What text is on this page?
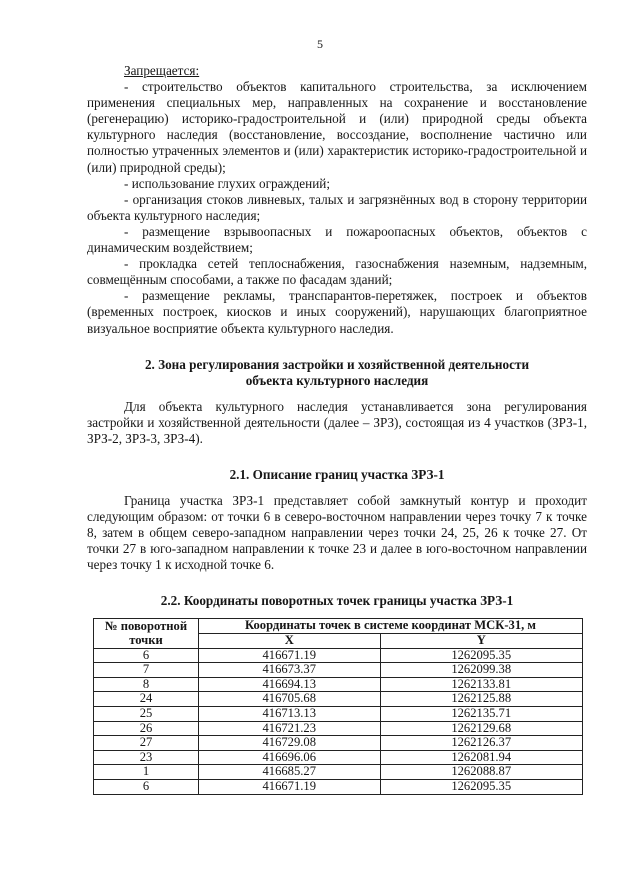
5

Запрещается:

- строительство объектов капитального строительства, за исключением применения специальных мер, направленных на сохранение и восстановление (регенерацию) историко-градостроительной и (или) природной среды объекта культурного наследия (восстановление, воссоздание, восполнение частично или полностью утраченных элементов и (или) характеристик историко-градостроительной и (или) природной среды);

- использование глухих ограждений;

- организация стоков ливневых, талых и загрязнённых вод в сторону территории объекта культурного наследия;

- размещение взрывоопасных и пожароопасных объектов, объектов с динамическим воздействием;

- прокладка сетей теплоснабжения, газоснабжения наземным, надземным, совмещённым способами, а также по фасадам зданий;

- размещение рекламы, транспарантов-перетяжек, построек и объектов (временных построек, киосков и иных сооружений), нарушающих благоприятное визуальное восприятие объекта культурного наследия.

2. Зона регулирования застройки и хозяйственной деятельности
объекта культурного наследия

Для объекта культурного наследия устанавливается зона регулирования застройки и хозяйственной деятельности (далее – ЗРЗ), состоящая из 4 участков (ЗРЗ-1, ЗРЗ-2, ЗРЗ-3, ЗРЗ-4).

2.1. Описание границ участка ЗРЗ-1

Граница участка ЗРЗ-1 представляет собой замкнутый контур и проходит следующим образом: от точки 6 в северо-восточном направлении через точку 7 к точке 8, затем в общем северо-западном направлении через точки 24, 25, 26 к точке 27. От точки 27 в юго-западном направлении к точке 23 и далее в юго-восточном направлении через точку 1 к исходной точке 6.

2.2. Координаты поворотных точек границы участка ЗРЗ-1
№ поворотной точки	Координаты точек в системе координат МСК-31, м	
	X	Y
6	416671.19	1262095.35
7	416673.37	1262099.38
8	416694.13	1262133.81
24	416705.68	1262125.88
25	416713.13	1262135.71
26	416721.23	1262129.68
27	416729.08	1262126.37
23	416696.06	1262081.94
1	416685.27	1262088.87
6	416671.19	1262095.35
